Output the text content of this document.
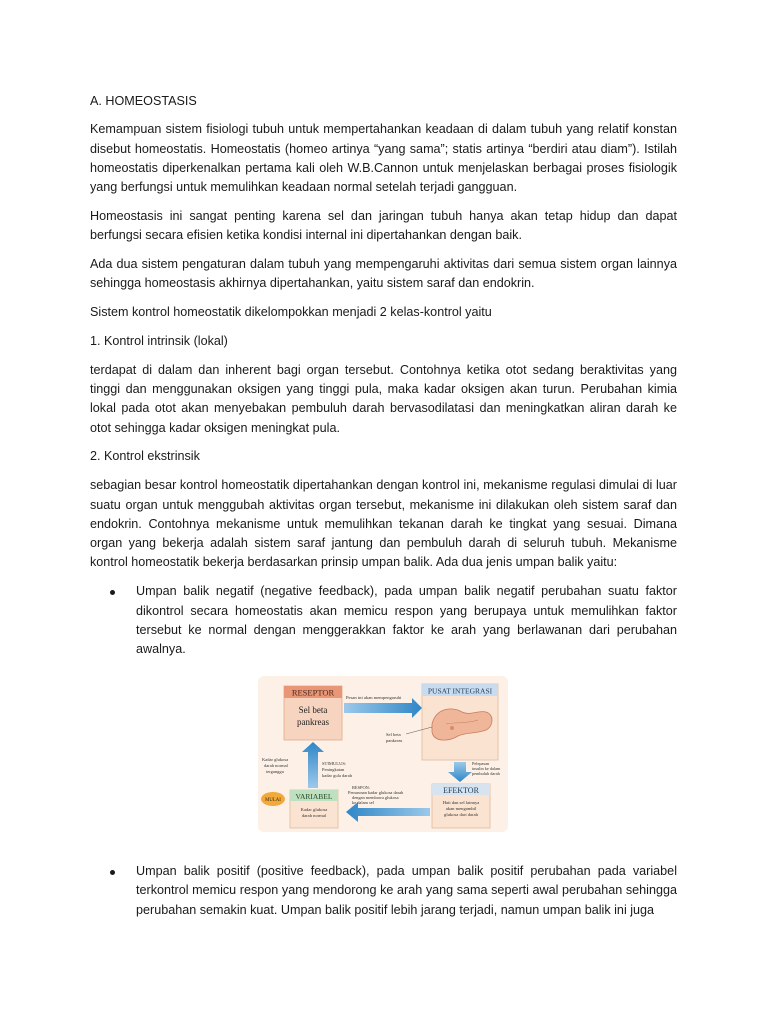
A. HOMEOSTASIS

Kemampuan sistem fisiologi tubuh untuk mempertahankan keadaan di dalam tubuh yang relatif konstan disebut homeostatis. Homeostatis (homeo artinya “yang sama”; statis artinya “berdiri atau diam”). Istilah homeostatis diperkenalkan pertama kali oleh W.B.Cannon untuk menjelaskan berbagai proses fisiologik yang berfungsi untuk memulihkan keadaan normal setelah terjadi gangguan.

Homeostasis ini sangat penting karena sel dan jaringan tubuh hanya akan tetap hidup dan dapat berfungsi secara efisien ketika kondisi internal ini dipertahankan dengan baik.

Ada dua sistem pengaturan dalam tubuh yang mempengaruhi aktivitas dari semua sistem organ lainnya sehingga homeostasis akhirnya dipertahankan, yaitu sistem saraf dan endokrin.

Sistem kontrol homeostatik dikelompokkan menjadi 2 kelas-kontrol yaitu

1. Kontrol intrinsik (lokal)

terdapat di dalam dan inherent bagi organ tersebut. Contohnya ketika otot sedang beraktivitas yang tinggi dan menggunakan oksigen yang tinggi pula, maka kadar oksigen akan turun. Perubahan kimia lokal pada otot akan menyebakan pembuluh darah bervasodilatasi dan meningkatkan aliran darah ke otot sehingga kadar oksigen meningkat pula.

2. Kontrol ekstrinsik

sebagian besar kontrol homeostatik dipertahankan dengan kontrol ini, mekanisme regulasi dimulai di luar suatu organ untuk menggubah aktivitas organ tersebut, mekanisme ini dilakukan oleh sistem saraf dan endokrin. Contohnya mekanisme untuk memulihkan tekanan darah ke tingkat yang sesuai. Dimana organ yang bekerja adalah sistem saraf jantung dan pembuluh darah di seluruh tubuh. Mekanisme kontrol homeostatik bekerja berdasarkan prinsip umpan balik. Ada dua jenis umpan balik yaitu:

Umpan balik negatif (negative feedback), pada umpan balik negatif perubahan suatu faktor dikontrol secara homeostatis akan memicu respon yang berupaya untuk memulihkan faktor tersebut ke normal dengan menggerakkan faktor ke arah yang berlawanan dari perubahan awalnya.

RESEPTOR
Sel beta
pankreas
Pesan ini akan mempengaruhi
PUSAT INTEGRASI
Sel beta
pankreas
Pelepasan
insulin ke dalam
pembuluh darah
EFEKTOR
Hati dan sel lainnya
akan mengambil
glukosa dari darah
RESPON:
Penurunan kadar glukosa darah
dengan membawa glukosa
ke dalam sel
VARIABEL
Kadar glukosa
darah normal
MULAI
Kadar glukosa
darah normal
terganggu
STIMULUS:
Peningkatan
kadar gula darah

Umpan balik positif (positive feedback), pada umpan balik positif perubahan pada variabel terkontrol memicu respon yang mendorong ke arah yang sama seperti awal perubahan sehingga perubahan semakin kuat. Umpan balik positif lebih jarang terjadi, namun umpan balik ini juga
